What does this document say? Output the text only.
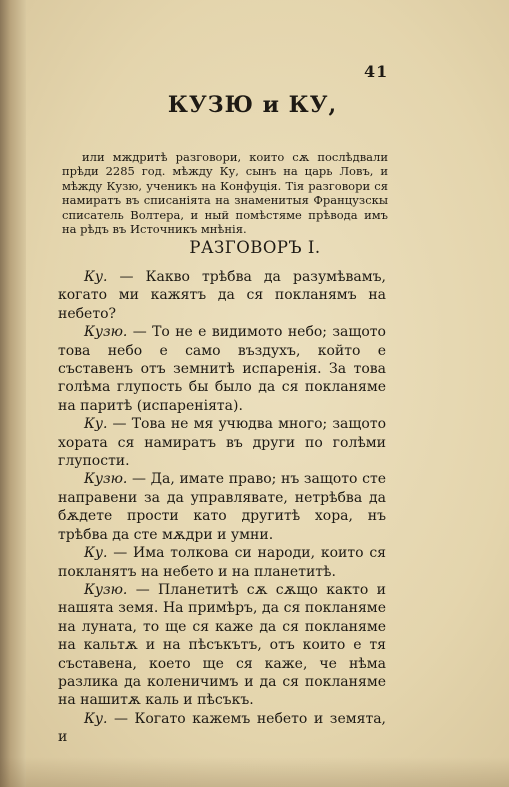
41
КУЗЮ и КУ,

или мждритѣ разговори, които сѫ послѣдвали прѣди 2285 год. мѣжду Ку, сынъ на царь Ловъ, и мѣжду Кузю, ученикъ на Конфуція. Тія разговори ся намиратъ въ списаніята на знаменитыя Французскы списатель Волтера, и ный помѣстяме прѣвода имъ на рѣдъ въ Источникъ мнѣнія.

РАЗГОВОРЪ I.

Ку. — Какво трѣбва да разумѣвамъ, когато ми кажятъ да ся покланямъ на небето?

Кузю. — То не е видимото небо; защото това небо е само въздухъ, който е съставенъ отъ земнитѣ испаренія. За това голѣма глупость бы было да ся покланяме на паритѣ (испареніята).

Ку. — Това не мя учюдва много; защото хората ся намиратъ въ други по голѣми глупости.

Кузю. — Да, имате право; нъ защото сте направени за да управлявате, нетрѣбва да бѫдете прости като другитѣ хора, нъ трѣбва да сте мѫдри и умни.

Ку. — Има толкова си народи, които ся покланятъ на небето и на планетитѣ.

Кузю. — Планетитѣ сѫ сѫщо както и нашята земя. На примѣръ, да ся покланяме на луната, то ще ся каже да ся покланяме на кальтѫ и на пѣсъкътъ, отъ които е тя съставена, което ще ся каже, че нѣма разлика да коленичимъ и да ся покланяме на нашитѫ каль и пѣсъкъ.

Ку. — Когато кажемъ небето и земята, и
